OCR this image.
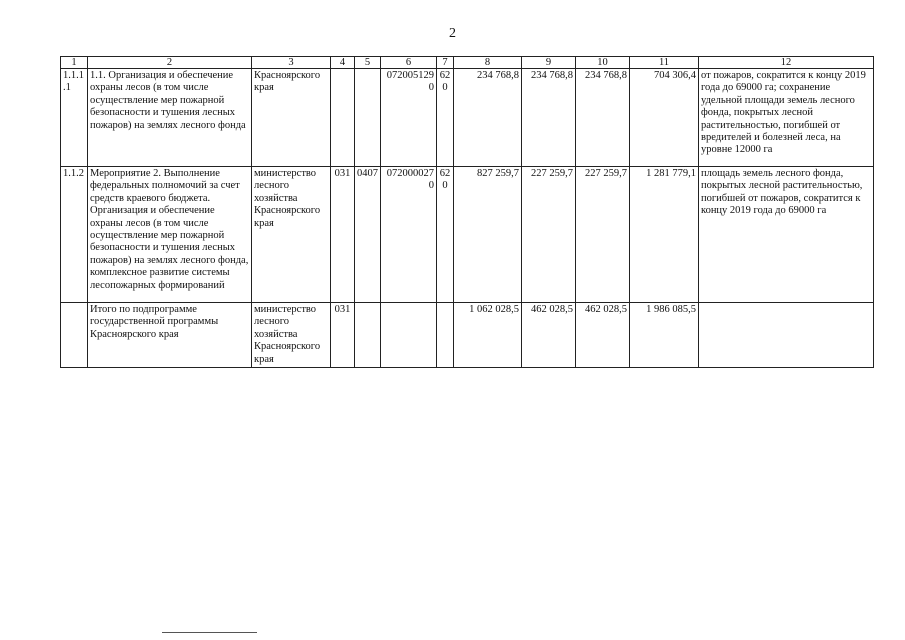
2
1	2	3	4	5	6	7	8	9	10	11	12
1.1.1.1	1.1. Организация и обеспечение охраны лесов (в том числе осуществление мер пожарной безопасности и тушения лесных пожаров) на землях лесного фонда	Красноярского края			0720051290	620	234 768,8	234 768,8	234 768,8	704 306,4	от пожаров, сократится к концу 2019 года до 69000 га; сохранение удельной площади земель лесного фонда, покрытых лесной растительностью, погибшей от вредителей и болезней леса, на уровне 12000 га
1.1.2	Мероприятие 2. Выполнение федеральных полномочий за счет средств краевого бюджета. Организация и обеспечение охраны лесов (в том числе осуществление мер пожарной безопасности и тушения лесных пожаров) на землях лесного фонда, комплексное развитие системы лесопожарных формирований	министерство лесного хозяйства Красноярского края	031	0407	0720000270	620	827 259,7	227 259,7	227 259,7	1 281 779,1	площадь земель лесного фонда, покрытых лесной растительностью, погибшей от пожаров, сократится к концу 2019 года до 69000 га
	Итого по подпрограмме государственной программы Красноярского края	министерство лесного хозяйства Красноярского края	031				1 062 028,5	462 028,5	462 028,5	1 986 085,5	
